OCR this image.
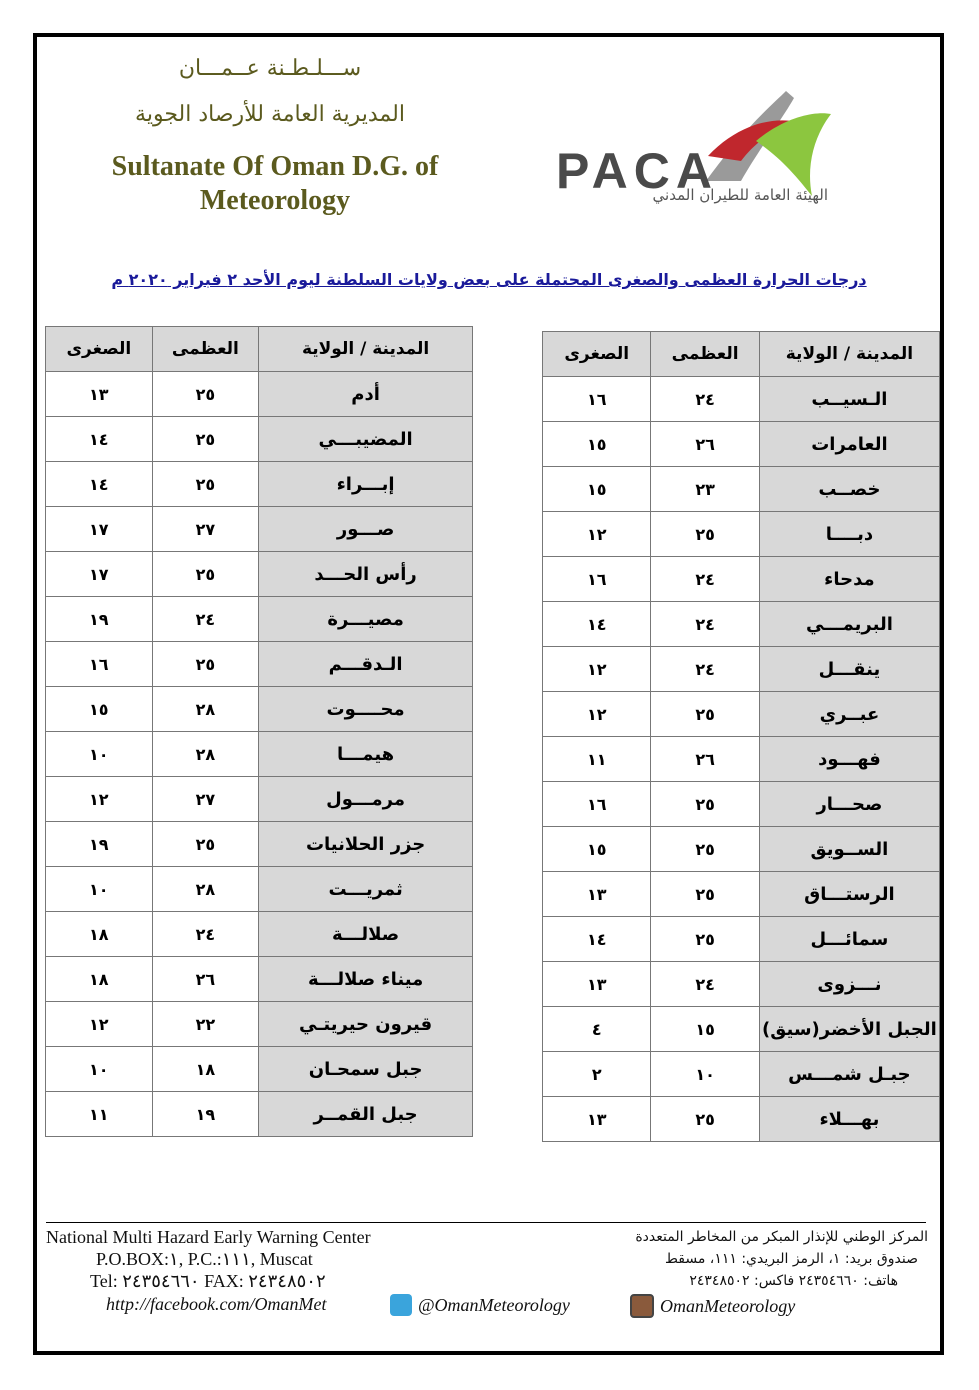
ســـلـطـنة عــمـــان
المديرية العامة للأرصاد الجوية
Sultanate Of Oman D.G. of
Meteorology
PACA
الهيئة العامة للطيران المدني
درجات الحرارة العظمى والصغرى المحتملة على بعض ولايات السلطنة ليوم الأحد ٢ فبراير ٢٠٢٠ م
المدينة / الولاية	العظمى	الصغرى
الـسيــب	٢٤	١٦
العامرات	٢٦	١٥
خصــب	٢٣	١٥
دبــــا	٢٥	١٢
مدحاء	٢٤	١٦
البريمـــي	٢٤	١٤
ينقـــل	٢٤	١٢
عبــري	٢٥	١٢
فهـــود	٢٦	١١
صحـــار	٢٥	١٦
الســويق	٢٥	١٥
الرستـــاق	٢٥	١٣
سمائـــل	٢٥	١٤
نـــزوى	٢٤	١٣
الجبل الأخضر(سيق)	١٥	٤
جبـل شمـــس	١٠	٢
بهـــلاء	٢٥	١٣
المدينة / الولاية	العظمى	الصغرى
أدم	٢٥	١٣
المضيبـــي	٢٥	١٤
إبـــراء	٢٥	١٤
صـــور	٢٧	١٧
رأس الحـــد	٢٥	١٧
مصيـــرة	٢٤	١٩
الـدقـــم	٢٥	١٦
محــــوت	٢٨	١٥
هيمـــا	٢٨	١٠
مرمـــول	٢٧	١٢
جزر الحلانيات	٢٥	١٩
ثمريـــت	٢٨	١٠
صلالـــة	٢٤	١٨
ميناء صلالـــة	٢٦	١٨
قيرون حيريتـي	٢٢	١٢
جبل سمحـان	١٨	١٠
جبل القمــر	١٩	١١
National Multi Hazard Early Warning Center
P.O.BOX:١, P.C.:١١١, Muscat
Tel: ٢٤٣٥٤٦٦٠ FAX: ٢٤٣٤٨٥٠٢
المركز الوطني للإنذار المبكر من المخاطر المتعددة
صندوق بريد: ١، الرمز البريدي: ١١١، مسقط
هاتف: ٢٤٣٥٤٦٦٠ فاكس: ٢٤٣٤٨٥٠٢
http://facebook.com/OmanMet	@OmanMeteorology	OmanMeteorology
